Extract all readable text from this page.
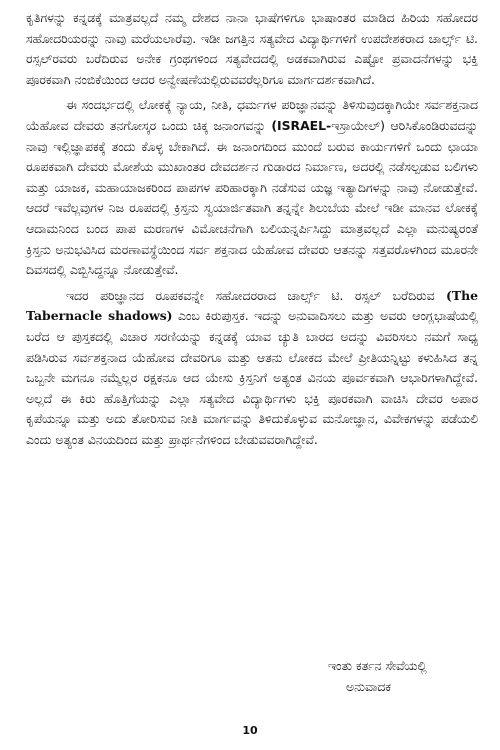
ಕೃತಿಗಳನ್ನು ಕನ್ನಡಕ್ಕೆ ಮಾತ್ರವಲ್ಲದೆ ನಮ್ಮ ದೇಶದ ನಾನಾ ಭಾಷೆಗಳಿಗೂ ಭಾಷಾಂತರ ಮಾಡಿದ ಹಿರಿಯ ಸಹೋದರ ಸಹೋದರಿಯರನ್ನು ನಾವು ಮರೆಯಲಾರೆವು. ಇಡೀ ಜಗತ್ತಿನ ಸತ್ಯವೇದ ವಿದ್ಯಾರ್ಥಿಗಳಿಗೆ ಉಪದೇಶಕರಾದ ಚಾರ್ಲ್ಸ್ ಟಿ. ರಸ್ಸಲ್‌ರವರು ಬರೆದಿರುವ ಅನೇಕ ಗ್ರಂಥಗಳಿಂದ ಸತ್ಯವೇದದಲ್ಲಿ ಅಡಕವಾಗಿರುವ ಎಷ್ಟೋ ಪ್ರವಾದನೆಗಳನ್ನು ಭಕ್ತಿ ಪೂರಕವಾಗಿ ನಂಬಿಕೆಯಿಂದ ಆದರ ಅನ್ವೇಷಣೆಯಲ್ಲಿರುವವರೆಲ್ಲರಿಗೂ ಮಾರ್ಗದರ್ಶಕವಾಗಿದೆ.

ಈ ಸಂದರ್ಭದಲ್ಲಿ ಲೋಕಕ್ಕೆ ನ್ಯಾಯ, ನೀತಿ, ಧರ್ಮಗಳ ಪರಿಜ್ಞಾನವನ್ನು ತಿಳಿಸುವುದಕ್ಕಾಗಿಯೇ ಸರ್ವಶಕ್ತನಾದ ಯೆಹೋವ ದೇವರು ತನಗೋಸ್ಕರ ಒಂದು ಚಿಕ್ಕ ಜನಾಂಗವನ್ನು (ISRAEL-ಇಸ್ರಾಯೇಲ್) ಆರಿಸಿಕೊಂಡಿರುವದನ್ನು ನಾವು ಇಲ್ಲಿಜ್ಞಾಪಕಕ್ಕೆ ತಂದು ಕೊಳ್ಳ ಬೇಕಾಗಿದೆ. ಈ ಜನಾಂಗದಿಂದ ಮುಂದೆ ಬರುವ ಕಾರ್ಯಗಳಿಗೆ ಒಂದು ಛಾಯಾ ರೂಪಕವಾಗಿ ದೇವರು ಮೋಶೆಯ ಮುಖಾಂತರ ದೇವದರ್ಶನ ಗುಡಾರದ ನಿರ್ಮಾಣ, ಅದರಲ್ಲಿ ನಡೆಸಲ್ಪಡುವ ಬಲಿಗಳು ಮತ್ತು ಯಾಜಕ, ಮಹಾಯಾಜಕರಿಂದ ಪಾಪಗಳ ಪರಿಹಾರಕ್ಕಾಗಿ ನಡೆಸುವ ಯಜ್ಞ ಇತ್ಯಾದಿಗಳನ್ನು ನಾವು ನೋಡುತ್ತೇವೆ. ಆದರೆ ಇವೆಲ್ಲವುಗಳ ನಿಜ ರೂಪದಲ್ಲಿ ಕ್ರಿಸ್ತನು ಸ್ವಯಾರ್ಜಿತವಾಗಿ ತನ್ನನ್ನೇ ಶಿಲುಬೆಯ ಮೇಲೆ ಇಡೀ ಮಾನವ ಲೋಕಕ್ಕೆ ಆದಾಮನಿಂದ ಬಂದ ಪಾಪ ಮರಣಗಳ ವಿಮೋಚನೆಗಾಗಿ ಬಲಿಯನ್ನರ್ಪಿಸಿದ್ದು ಮಾತ್ರವಲ್ಲದೆ ಎಲ್ಲಾ ಮನುಷ್ಯರಂತೆ ಕ್ರಿಸ್ತನು ಅನುಭವಿಸಿದ ಮರಣಾವಸ್ಥೆಯಿಂದ ಸರ್ವ ಶಕ್ತನಾದ ಯೆಹೋವ ದೇವರು ಆತನನ್ನು ಸತ್ತವರೊಳಗಿಂದ ಮೂರನೇ ದಿವಸದಲ್ಲಿ ಎಬ್ಬಿಸಿದ್ದನ್ನೂ ನೋಡುತ್ತೇವೆ.

ಇದರ ಪರಿಜ್ಞಾನದ ರೂಪಕವನ್ನೇ ಸಹೋದರರಾದ ಚಾರ್ಲ್ಸ್ ಟಿ. ರಸ್ಸಲ್ ಬರೆದಿರುವ (The Tabernacle shadows) ಎಂಬ ಕಿರುಪುಸ್ತಕ. ಇದನ್ನು ಅನುವಾದಿಸಲು ಮತ್ತು ಅವರು ಆಂಗ್ಲಭಾಷೆಯಲ್ಲಿ ಬರೆದ ಆ ಪುಸ್ತಕದಲ್ಲಿ ವಿಚಾರ ಸರಣಿಯನ್ನು ಕನ್ನಡಕ್ಕೆ ಯಾವ ಚ್ಯುತಿ ಬಾರದ ಅದನ್ನು ವಿವರಿಸಲು ನಮಗೆ ಸಾಧ್ಯ ಪಡಿಸಿರುವ ಸರ್ವಶಕ್ತನಾದ ಯೆಹೋವ ದೇವರಿಗೂ ಮತ್ತು ಆತನು ಲೋಕದ ಮೇಲೆ ಪ್ರೀತಿಯನ್ನಿಟ್ಟು ಕಳುಹಿಸಿದ ತನ್ನ ಒಬ್ಬನೇ ಮಗನೂ ನಮ್ಮೆಲ್ಲರ ರಕ್ಷಕನೂ ಆದ ಯೇಸು ಕ್ರಿಸ್ತನಿಗೆ ಅತ್ಯಂತ ವಿನಯ ಪೂರ್ವಕವಾಗಿ ಆಭಾರಿಗಳಾಗಿದ್ದೇವೆ. ಅಲ್ಲದೆ ಈ ಕಿರು ಹೊತ್ತಿಗೆಯನ್ನು ಎಲ್ಲಾ ಸತ್ಯವೇದ ವಿದ್ಯಾರ್ಥಿಗಳು ಭಕ್ತಿ ಪೂರಕವಾಗಿ ವಾಚಿಸಿ ದೇವರ ಅಪಾರ ಕೃಪೆಯನ್ನೂ ಮತ್ತು ಅದು ತೋರಿಸುವ ನೀತಿ ಮಾರ್ಗವನ್ನು ತಿಳಿದುಕೊಳ್ಳುವ ಮನೋಜ್ಞಾನ, ವಿವೇಕಗಳನ್ನು ಪಡೆಯಲಿ ಎಂದು ಅತ್ಯಂತ ವಿನಯದಿಂದ ಮತ್ತು ಪ್ರಾರ್ಥನೆಗಳಿಂದ ಬೇಡುವವರಾಗಿದ್ದೇವೆ.

ಇಂತು ಕರ್ತನ ಸೇವೆಯಲ್ಲಿ
ಅನುವಾದಕ
10
